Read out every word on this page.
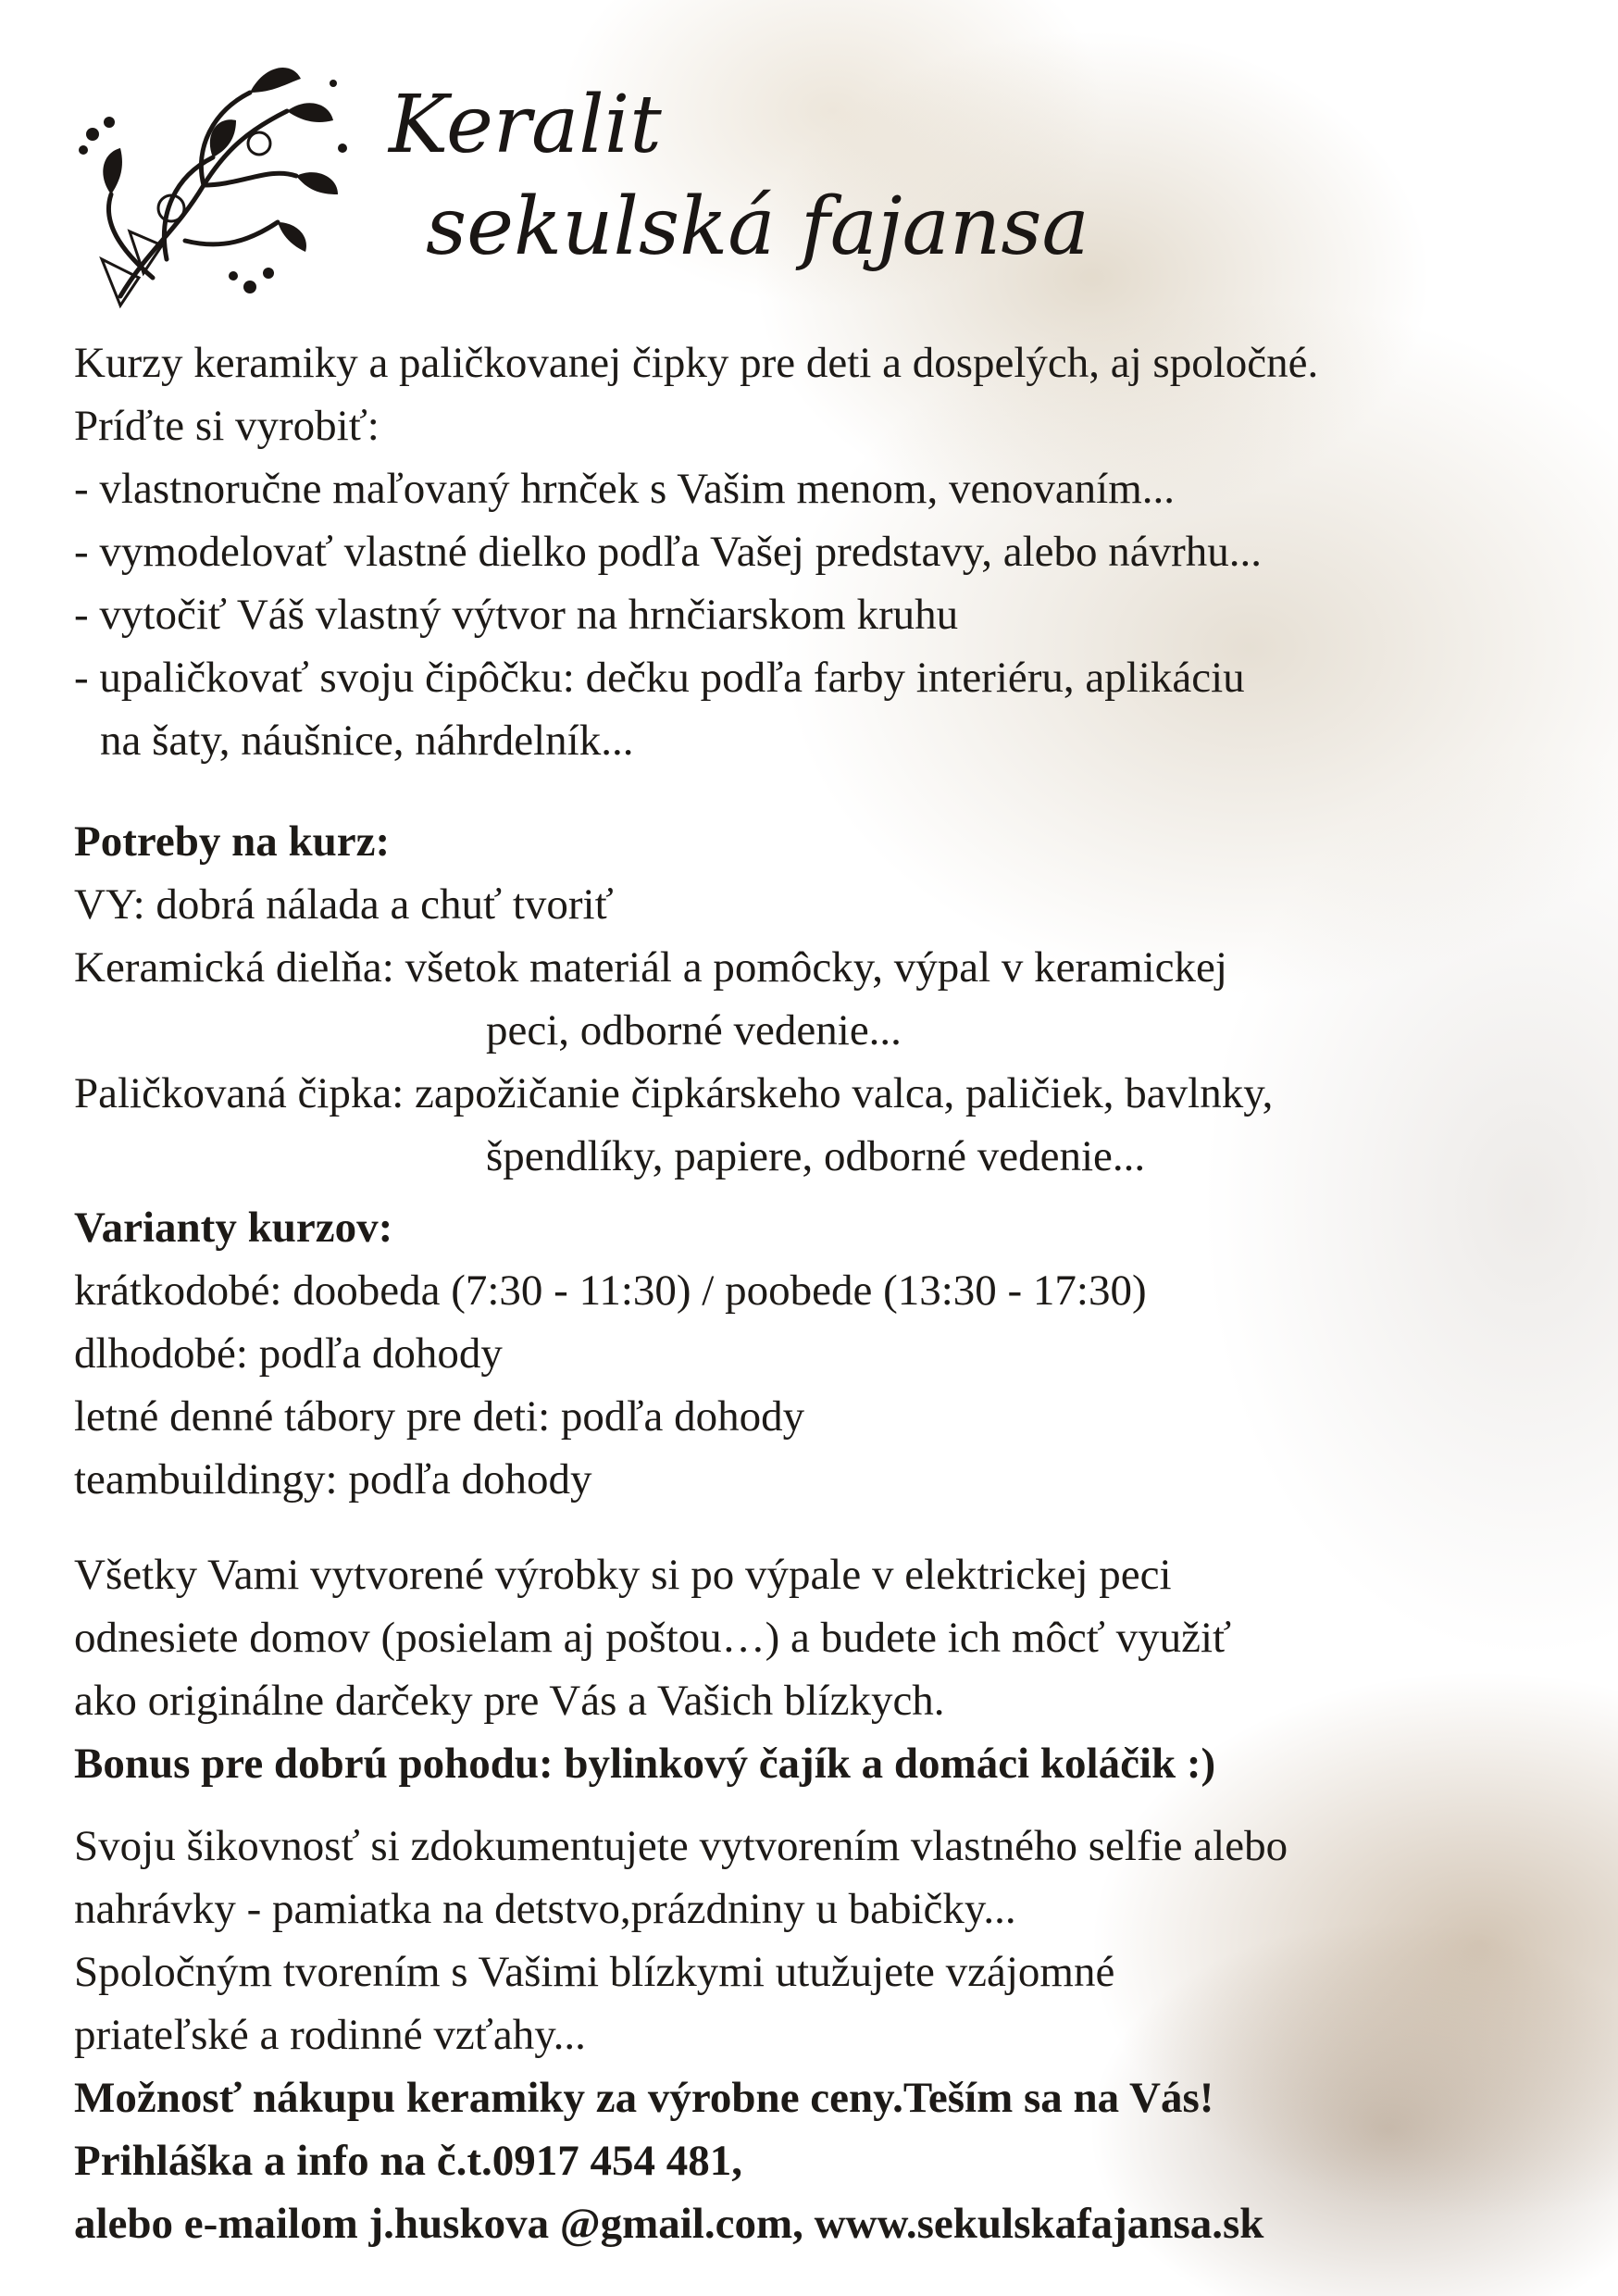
Keralit
sekulská fajansa
Kurzy keramiky a paličkovanej čipky pre deti a dospelých, aj spoločné.
Príďte si vyrobiť:
- vlastnoručne maľovaný hrnček s Vašim menom, venovaním...
- vymodelovať vlastné dielko podľa Vašej predstavy, alebo návrhu...
- vytočiť Váš vlastný výtvor na hrnčiarskom kruhu
- upaličkovať svoju čipôčku: dečku podľa farby interiéru, aplikáciu
na šaty, náušnice, náhrdelník...
Potreby na kurz:
VY: dobrá nálada a chuť tvoriť
Keramická dielňa:
všetok materiál a pomôcky, výpal v keramickej
peci, odborné vedenie...
Paličkovaná čipka:
zapožičanie čipkárskeho valca, paličiek, bavlnky,
špendlíky, papiere, odborné vedenie...
Varianty kurzov:
krátkodobé: doobeda (7:30 - 11:30) / poobede (13:30 - 17:30)
dlhodobé: podľa dohody
letné denné tábory pre deti: podľa dohody
teambuildingy: podľa dohody
Všetky Vami vytvorené výrobky si po výpale v elektrickej peci
odnesiete domov (posielam aj poštou…) a budete ich môcť využiť
ako originálne darčeky pre Vás a Vašich blízkych.
Bonus pre dobrú pohodu: bylinkový čajík a domáci koláčik :)
Svoju šikovnosť si zdokumentujete vytvorením vlastného selfie alebo
nahrávky - pamiatka na detstvo,prázdniny u babičky...
Spoločným tvorením s Vašimi blízkymi utužujete vzájomné
priateľské a rodinné vzťahy...
Možnosť nákupu keramiky za výrobne ceny.Teším sa na Vás!
Prihláška a info na č.t.0917 454 481,
alebo e-mailom j.huskova @gmail.com, www.sekulskafajansa.sk
